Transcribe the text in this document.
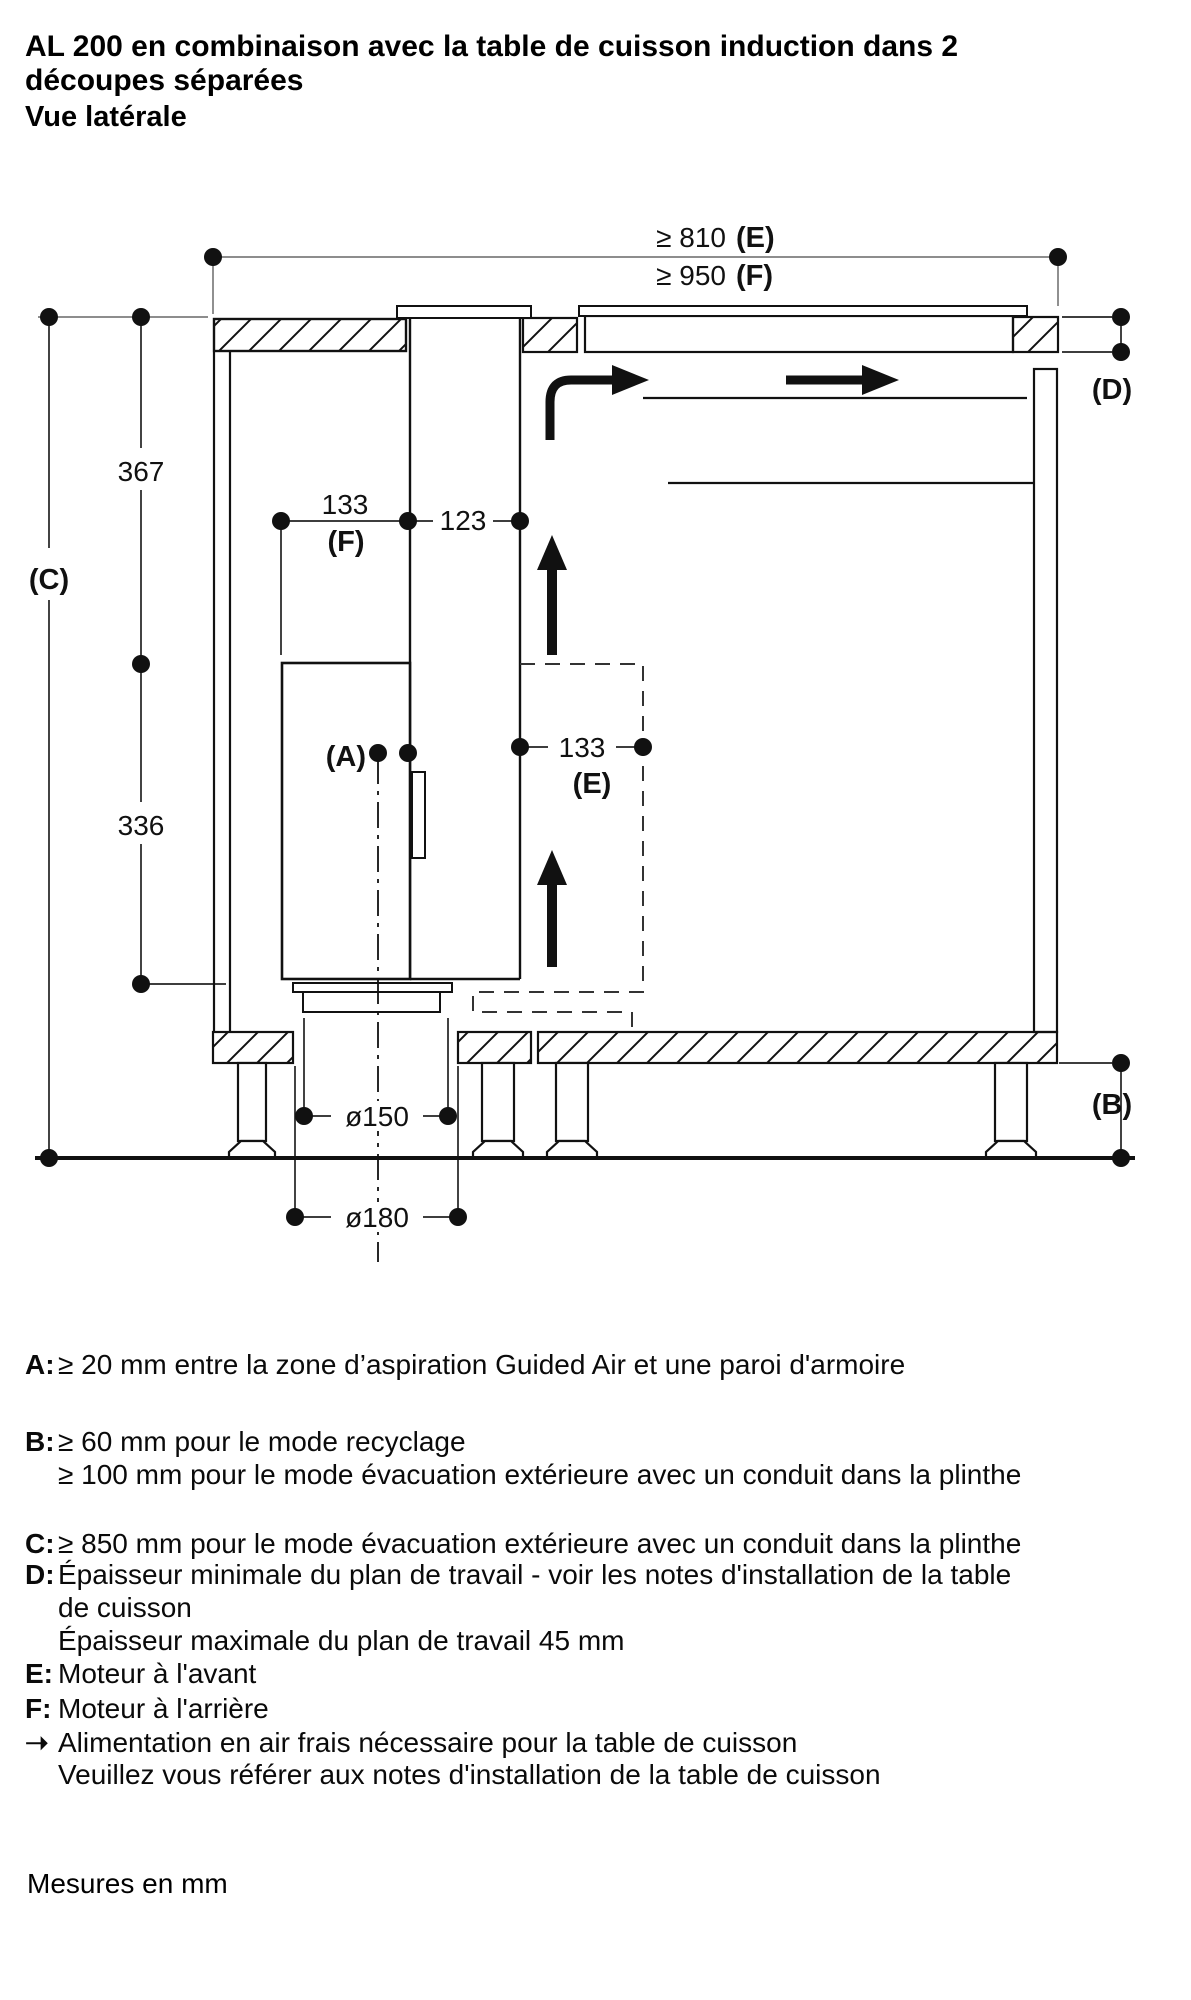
AL 200 en combinaison avec la table de cuisson induction dans 2
découpes séparées
Vue latérale
≥ 810 (E)
≥ 950 (F)
367
336
(C)
133
(F)
123
133
(E)
(A)
(D)
(B)
ø150
ø180
A: ≥ 20 mm entre la zone d’aspiration Guided Air et une paroi d'armoire
B: ≥ 60 mm pour le mode recyclage
≥ 100 mm pour le mode évacuation extérieure avec un conduit dans la plinthe
C: ≥ 850 mm pour le mode évacuation extérieure avec un conduit dans la plinthe
D: Épaisseur minimale du plan de travail - voir les notes d'installation de la table
de cuisson
Épaisseur maximale du plan de travail 45 mm
E: Moteur à l'avant
F: Moteur à l'arrière
➝ Alimentation en air frais nécessaire pour la table de cuisson
Veuillez vous référer aux notes d'installation de la table de cuisson
Mesures en mm
